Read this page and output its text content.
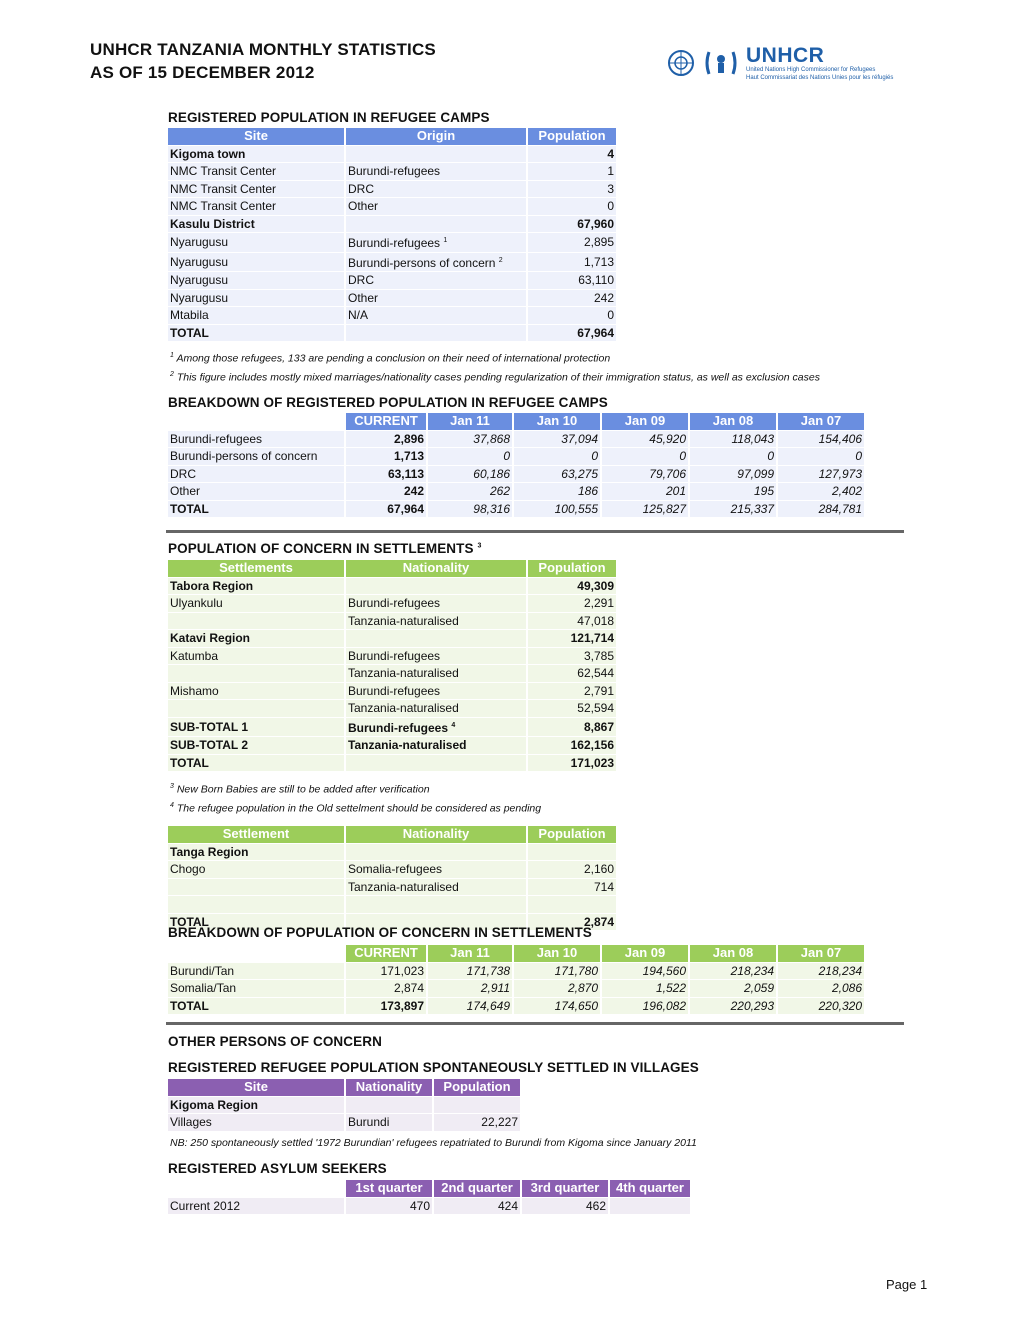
UNHCR TANZANIA MONTHLY STATISTICS
AS OF 15 DECEMBER 2012
UNHCR
United Nations High Commissioner for Refugees
Haut Commissariat des Nations Unies pour les réfugiés
REGISTERED POPULATION IN REFUGEE CAMPS
Site	Origin	Population
Kigoma town		4
NMC Transit Center	Burundi-refugees	1
NMC Transit Center	DRC	3
NMC Transit Center	Other	0
Kasulu District		67,960
Nyarugusu	Burundi-refugees $^1$	2,895
Nyarugusu	Burundi-persons of concern $^2$	1,713
Nyarugusu	DRC	63,110
Nyarugusu	Other	242
Mtabila	N/A	0
TOTAL		67,964
$^1$ Among those refugees, 133 are pending a conclusion on their need of international protection
$^2$ This figure includes mostly mixed marriages/nationality cases pending regularization of their immigration status, as well as exclusion cases
BREAKDOWN OF REGISTERED POPULATION IN REFUGEE CAMPS
	CURRENT	Jan 11	Jan 10	Jan 09	Jan 08	Jan 07
Burundi-refugees	2,896	37,868	37,094	45,920	118,043	154,406
Burundi-persons of concern	1,713	0	0	0	0	0
DRC	63,113	60,186	63,275	79,706	97,099	127,973
Other	242	262	186	201	195	2,402
TOTAL	67,964	98,316	100,555	125,827	215,337	284,781
POPULATION OF CONCERN IN SETTLEMENTS $^3$
Settlements	Nationality	Population
Tabora Region		49,309
Ulyankulu	Burundi-refugees	2,291
	Tanzania-naturalised	47,018
Katavi Region		121,714
Katumba	Burundi-refugees	3,785
	Tanzania-naturalised	62,544
Mishamo	Burundi-refugees	2,791
	Tanzania-naturalised	52,594
SUB-TOTAL 1	Burundi-refugees $^4$	8,867
SUB-TOTAL 2	Tanzania-naturalised	162,156
TOTAL		171,023
$^3$ New Born Babies are still to be added after verification
$^4$ The refugee population in the Old settelment should be considered as pending
Settlement	Nationality	Population
Tanga Region		
Chogo	Somalia-refugees	2,160
	Tanzania-naturalised	714

TOTAL		2,874
BREAKDOWN OF POPULATION OF CONCERN IN SETTLEMENTS
	CURRENT	Jan 11	Jan 10	Jan 09	Jan 08	Jan 07
Burundi/Tan	171,023	171,738	171,780	194,560	218,234	218,234
Somalia/Tan	2,874	2,911	2,870	1,522	2,059	2,086
TOTAL	173,897	174,649	174,650	196,082	220,293	220,320
OTHER PERSONS OF CONCERN
REGISTERED REFUGEE POPULATION SPONTANEOUSLY SETTLED IN VILLAGES
Site	Nationality	Population
Kigoma Region		
Villages	Burundi	22,227
NB: 250 spontaneously settled '1972 Burundian' refugees repatriated to Burundi from Kigoma since January 2011
REGISTERED ASYLUM SEEKERS
	1st quarter	2nd quarter	3rd quarter	4th quarter
Current 2012	470	424	462	
Page 1
